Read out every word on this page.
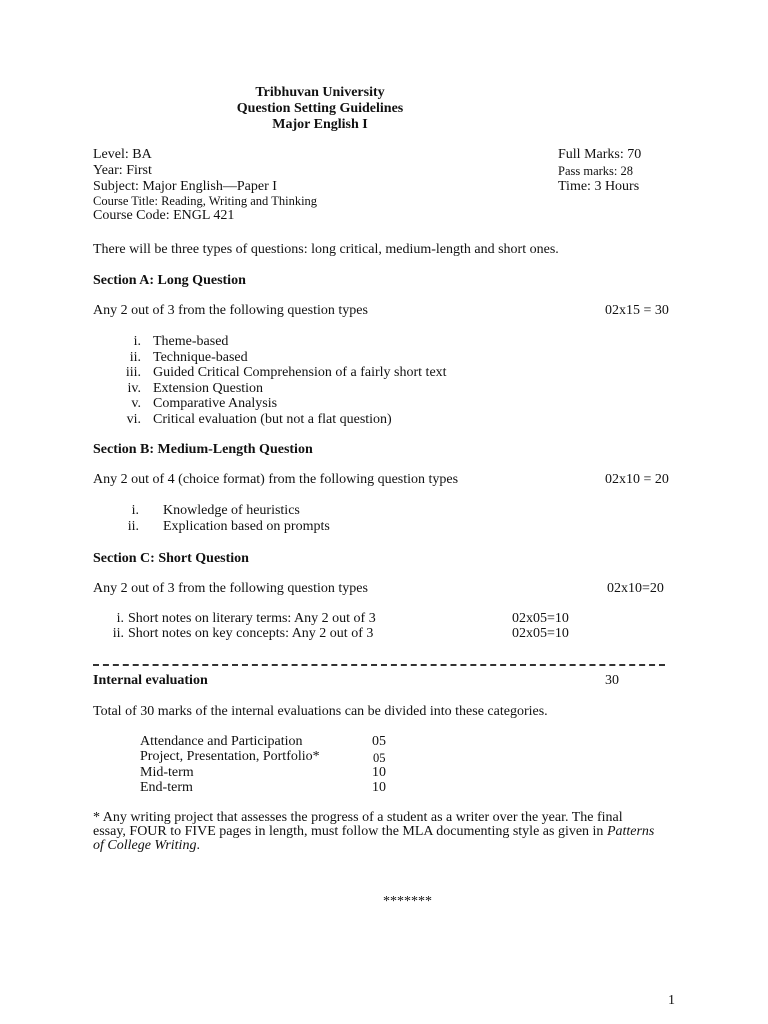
Tribhuvan University
Question Setting Guidelines
Major English I
Level: BA
Year: First
Subject: Major English—Paper I
Course Title: Reading, Writing and Thinking
Course Code: ENGL 421
Full Marks: 70
Pass marks: 28
Time: 3 Hours
There will be three types of questions: long critical, medium-length and short ones.
Section A: Long Question
Any 2 out of 3 from the following question types	02x15 = 30
i. Theme-based
ii. Technique-based
iii. Guided Critical Comprehension of a fairly short text
iv. Extension Question
v. Comparative Analysis
vi. Critical evaluation (but not a flat question)
Section B: Medium-Length Question
Any 2 out of 4 (choice format) from the following question types	02x10 = 20
i. Knowledge of heuristics
ii. Explication based on prompts
Section C: Short Question
Any 2 out of 3 from the following question types	02x10=20
i. Short notes on literary terms: Any 2 out of 3	02x05=10
ii. Short notes on key concepts: Any 2 out of 3	02x05=10
Internal evaluation	30
Total of 30 marks of the internal evaluations can be divided into these categories.
Attendance and Participation	05
Project, Presentation, Portfolio*	05
Mid-term	10
End-term	10
* Any writing project that assesses the progress of a student as a writer over the year. The final
essay, FOUR to FIVE pages in length, must follow the MLA documenting style as given in Patterns
of College Writing.
*******
1
